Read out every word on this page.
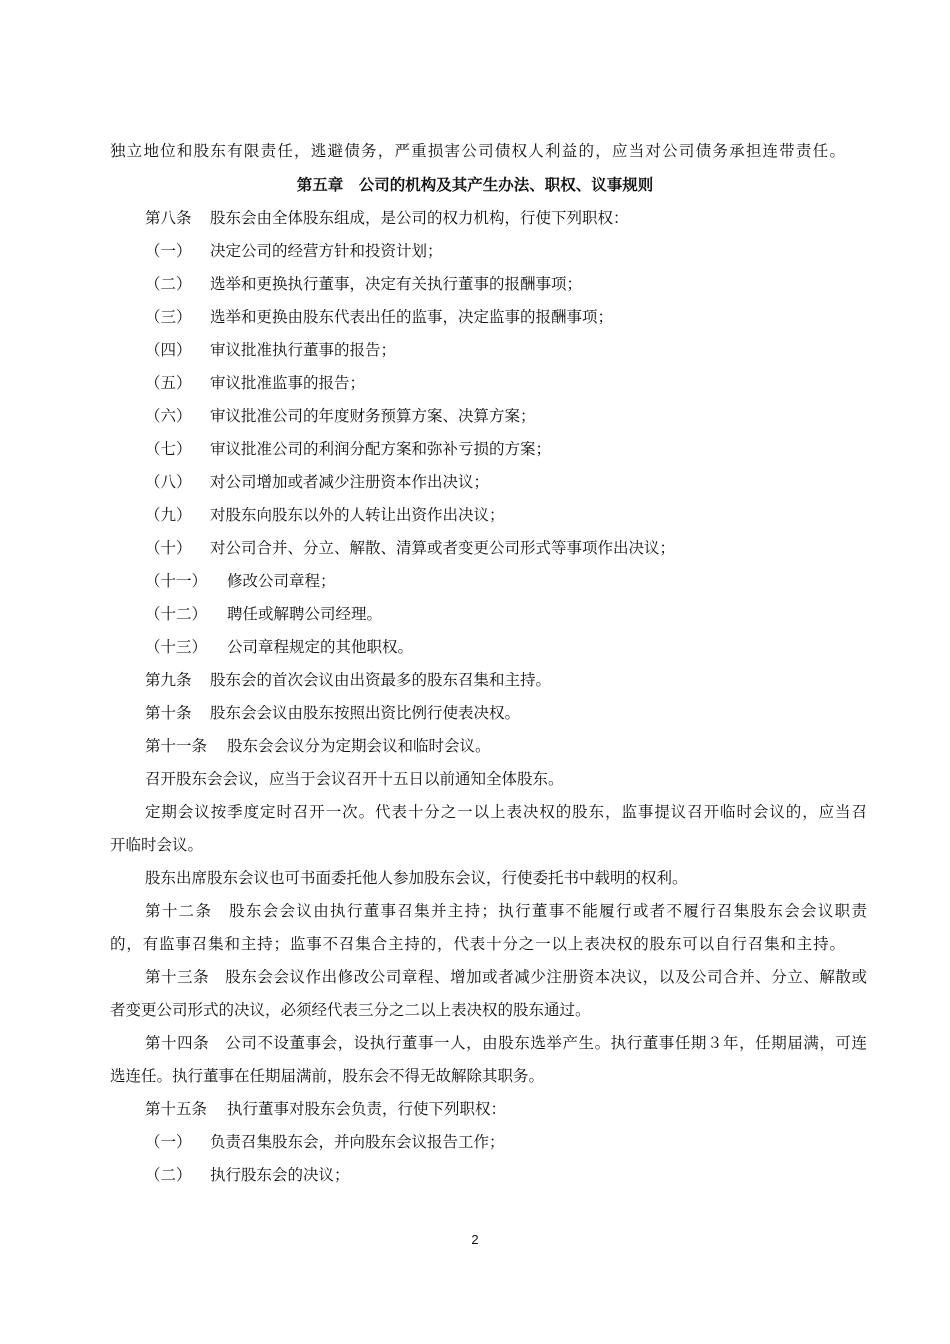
独立地位和股东有限责任，逃避债务，严重损害公司债权人利益的，应当对公司债务承担连带责任。
第五章　公司的机构及其产生办法、职权、议事规则
第八条 股东会由全体股东组成，是公司的权力机构，行使下列职权：
（一） 决定公司的经营方针和投资计划；
（二） 选举和更换执行董事，决定有关执行董事的报酬事项；
（三） 选举和更换由股东代表出任的监事，决定监事的报酬事项；
（四） 审议批准执行董事的报告；
（五） 审议批准监事的报告；
（六） 审议批准公司的年度财务预算方案、决算方案；
（七） 审议批准公司的利润分配方案和弥补亏损的方案；
（八） 对公司增加或者减少注册资本作出决议；
（九） 对股东向股东以外的人转让出资作出决议；
（十） 对公司合并、分立、解散、清算或者变更公司形式等事项作出决议；
（十一） 修改公司章程；
（十二） 聘任或解聘公司经理。
（十三） 公司章程规定的其他职权。
第九条 股东会的首次会议由出资最多的股东召集和主持。
第十条 股东会会议由股东按照出资比例行使表决权。
第十一条 股东会会议分为定期会议和临时会议。
召开股东会会议，应当于会议召开十五日以前通知全体股东。
定期会议按季度定时召开一次。代表十分之一以上表决权的股东，监事提议召开临时会议的，应当召
开临时会议。
股东出席股东会议也可书面委托他人参加股东会议，行使委托书中载明的权利。
第十二条　股东会会议由执行董事召集并主持；执行董事不能履行或者不履行召集股东会会议职责
的，有监事召集和主持；监事不召集合主持的，代表十分之一以上表决权的股东可以自行召集和主持。
第十三条　股东会会议作出修改公司章程、增加或者减少注册资本决议，以及公司合并、分立、解散或
者变更公司形式的决议，必须经代表三分之二以上表决权的股东通过。
第十四条　公司不设董事会，设执行董事一人，由股东选举产生。执行董事任期３年，任期届满，可连
选连任。执行董事在任期届满前，股东会不得无故解除其职务。
第十五条 执行董事对股东会负责，行使下列职权：
（一） 负责召集股东会，并向股东会议报告工作；
（二） 执行股东会的决议；
2
